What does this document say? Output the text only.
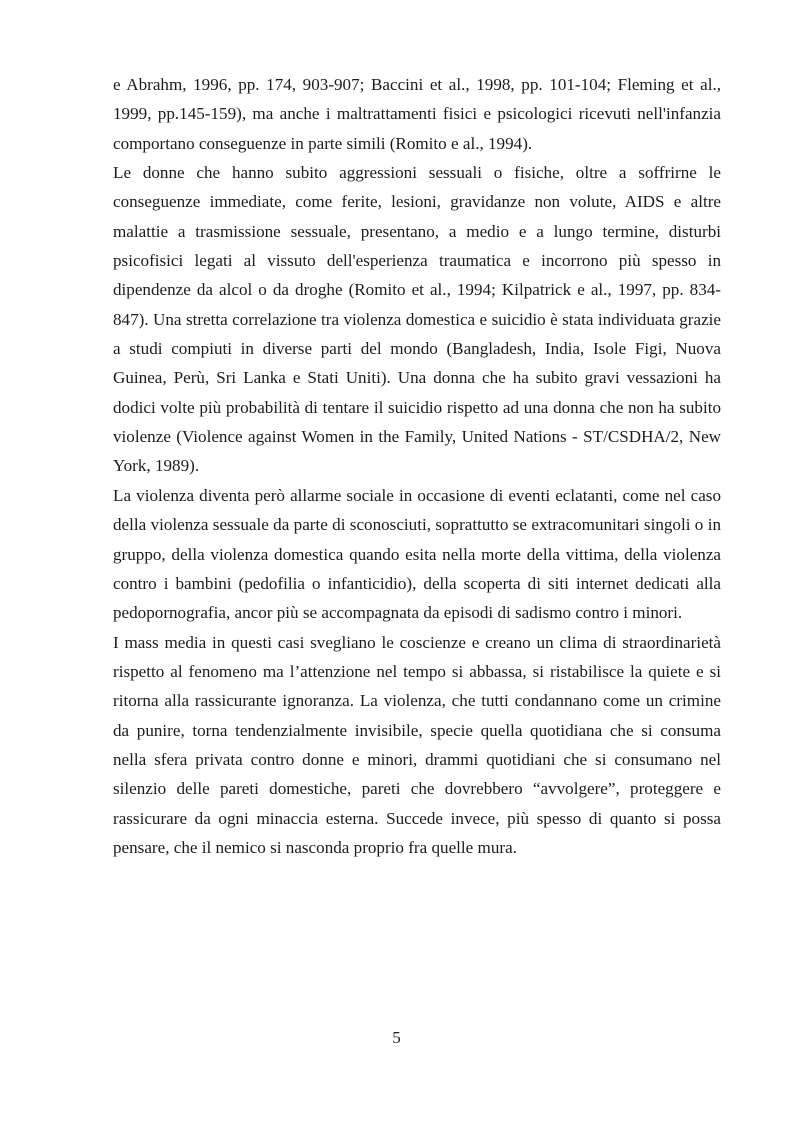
e Abrahm, 1996, pp. 174, 903-907; Baccini et al., 1998, pp. 101-104; Fleming et al., 1999, pp.145-159), ma anche i maltrattamenti fisici e psicologici ricevuti nell'infanzia comportano conseguenze in parte simili (Romito e al., 1994).

Le donne che hanno subito aggressioni sessuali o fisiche, oltre a soffrirne le conseguenze immediate, come ferite, lesioni, gravidanze non volute, AIDS e altre malattie a trasmissione sessuale, presentano, a medio e a lungo termine, disturbi psicofisici legati al vissuto dell'esperienza traumatica e incorrono più spesso in dipendenze da alcol o da droghe (Romito et al., 1994; Kilpatrick e al., 1997, pp. 834-847). Una stretta correlazione tra violenza domestica e suicidio è stata individuata grazie a studi compiuti in diverse parti del mondo (Bangladesh, India, Isole Figi, Nuova Guinea, Perù, Sri Lanka e Stati Uniti). Una donna che ha subito gravi vessazioni ha dodici volte più probabilità di tentare il suicidio rispetto ad una donna che non ha subito violenze (Violence against Women in the Family, United Nations - ST/CSDHA/2, New York, 1989).

La violenza diventa però allarme sociale in occasione di eventi eclatanti, come nel caso della violenza sessuale da parte di sconosciuti, soprattutto se extracomunitari singoli o in gruppo, della violenza domestica quando esita nella morte della vittima, della violenza contro i bambini (pedofilia o infanticidio), della scoperta di siti internet dedicati alla pedopornografia, ancor più se accompagnata da episodi di sadismo contro i minori.

I mass media in questi casi svegliano le coscienze e creano un clima di straordinarietà rispetto al fenomeno ma l’attenzione nel tempo si abbassa, si ristabilisce la quiete e si ritorna alla rassicurante ignoranza. La violenza, che tutti condannano come un crimine da punire, torna tendenzialmente invisibile, specie quella quotidiana che si consuma nella sfera privata contro donne e minori, drammi quotidiani che si consumano nel silenzio delle pareti domestiche, pareti che dovrebbero “avvolgere”, proteggere e rassicurare da ogni minaccia esterna. Succede invece, più spesso di quanto si possa pensare, che il nemico si nasconda proprio fra quelle mura.

5
